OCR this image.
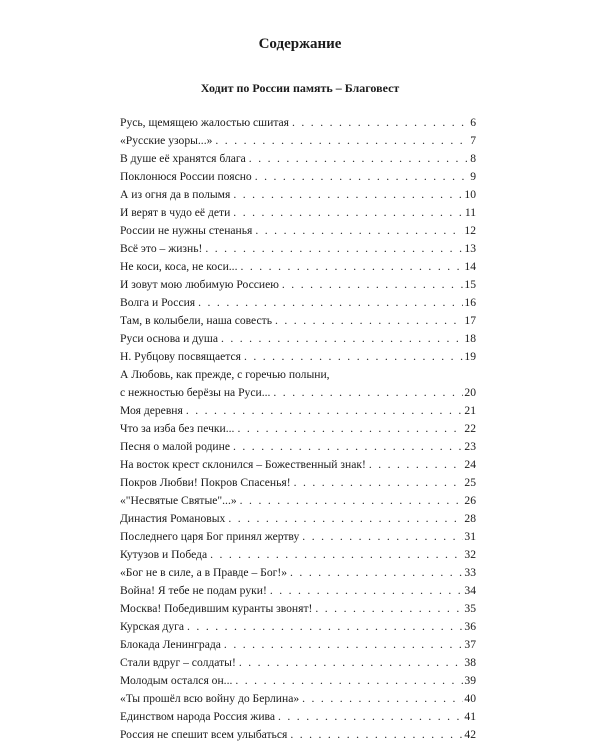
Содержание
Ходит по России память – Благовест
Русь, щемящею жалостью сшитая . . .	6
«Русские узоры...» . . .	7
В душе её хранятся блага . . .	8
Поклонюся России поясно . . .	9
А из огня да в полымя . . .	10
И верят в чудо её дети . . .	11
России не нужны стенанья . . .	12
Всё это – жизнь! . . .	13
Не коси, коса, не коси... . . .	14
И зовут мою любимую Россиею . . .	15
Волга и Россия . . .	16
Там, в колыбели, наша совесть . . .	17
Руси основа и душа . . .	18
Н. Рубцову посвящается . . .	19
А Любовь, как прежде, с горечью полыни,
с нежностью берёзы на Руси... . . .	20
Моя деревня . . .	21
Что за изба без печки... . . .	22
Песня о малой родине . . .	23
На восток крест склонился – Божественный знак! . . .	24
Покров Любви! Покров Спасенья! . . .	25
«"Несвятые Святые"...» . . .	26
Династия Романовых . . .	28
Последнего царя Бог принял жертву . . .	31
Кутузов и Победа . . .	32
«Бог не в силе, а в Правде – Бог!» . . .	33
Война! Я тебе не подам руки! . . .	34
Москва! Победившим куранты звонят! . . .	35
Курская дуга . . .	36
Блокада Ленинграда . . .	37
Стали вдруг – солдаты! . . .	38
Молодым остался он... . . .	39
«Ты прошёл всю войну до Берлина» . . .	40
Единством народа Россия жива . . .	41
Россия не спешит всем улыбаться . . .	42
